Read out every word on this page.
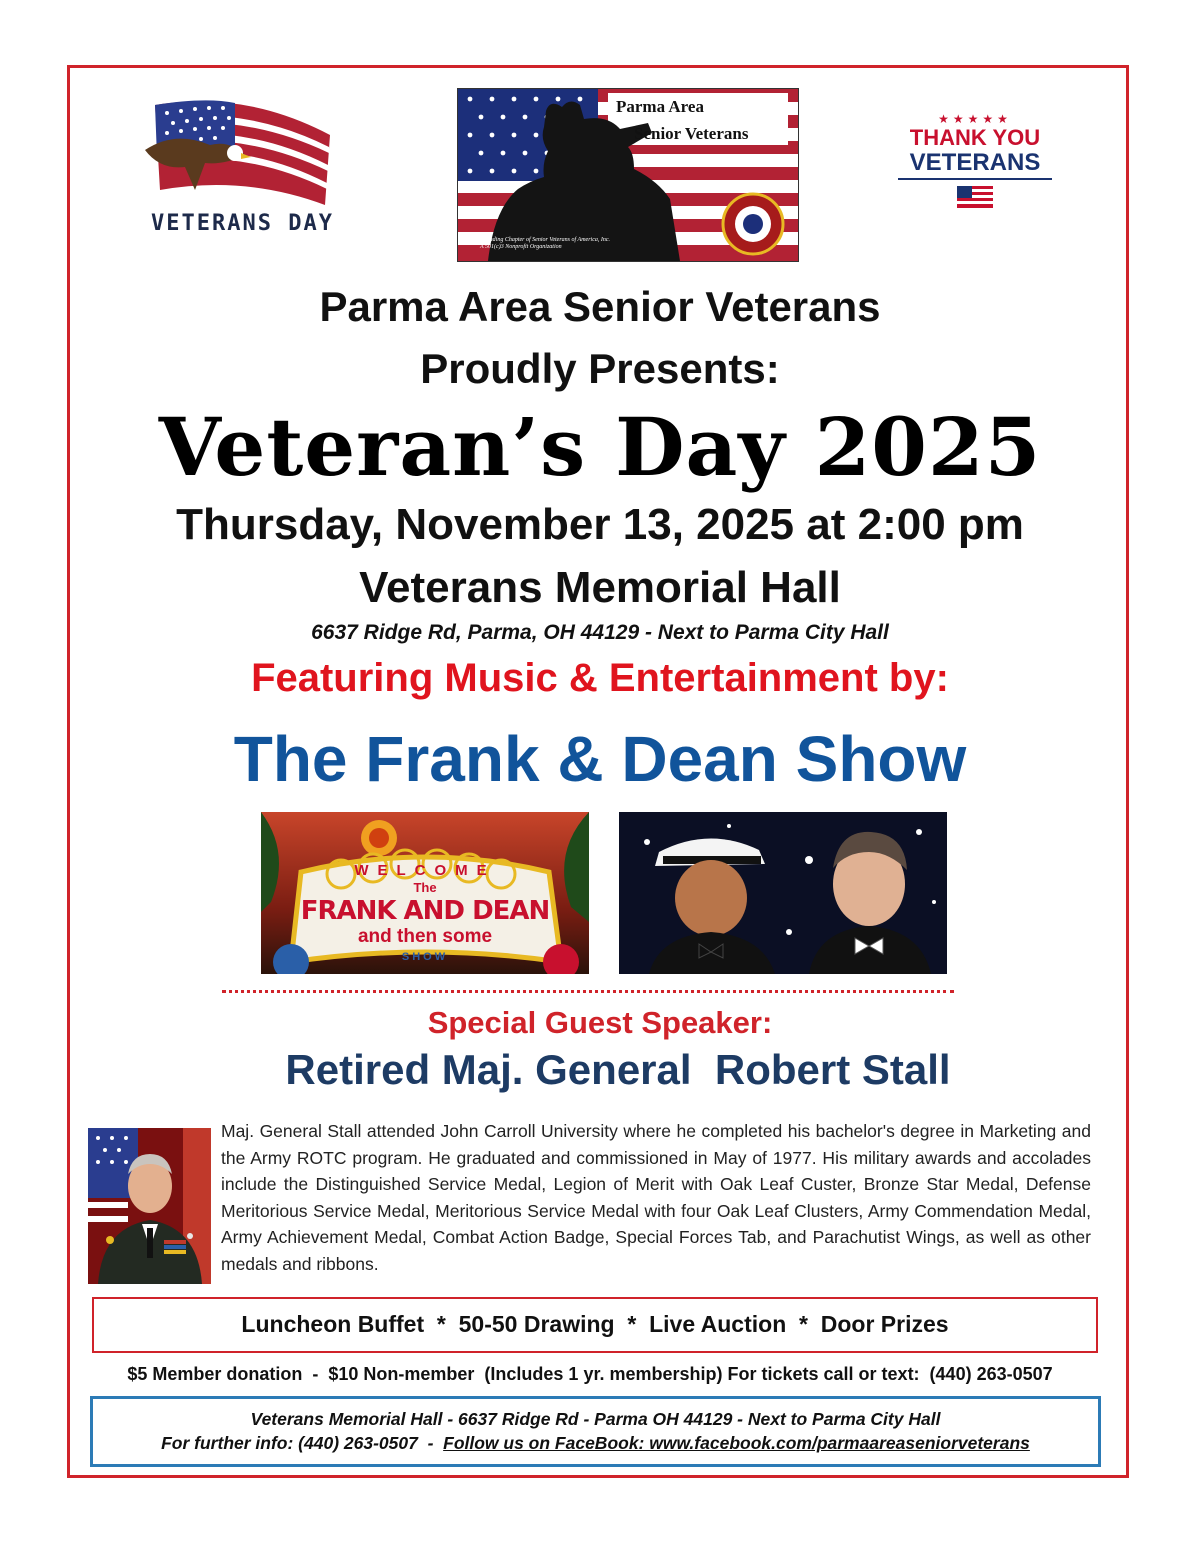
VETERANS DAY
Parma Area
Senior Veterans
Founding Chapter of Senior Veterans of America, Inc.
A 501(c)3 Nonprofit Organization
★★★★★
THANK YOU
VETERANS
Parma Area Senior Veterans
Proudly Presents:
Veteran’s Day 2025
Thursday, November 13, 2025 at 2:00 pm
Veterans Memorial Hall
6637 Ridge Rd, Parma, OH 44129 - Next to Parma City Hall
Featuring Music & Entertainment by:
The Frank & Dean Show
WELCOME
The
FRANK AND DEAN
and then some
SHOW
Special Guest Speaker:
Retired Maj. General  Robert Stall
Maj. General Stall attended John Carroll University where he completed his bachelor's degree in Marketing and the Army ROTC program. He graduated and commissioned in May of 1977. His military awards and accolades include the Distinguished Service Medal, Legion of Merit with Oak Leaf Custer, Bronze Star Medal, Defense Meritorious Service Medal, Meritorious Service Medal with four Oak Leaf Clusters, Army Commendation Medal, Army Achievement Medal, Combat Action Badge, Special Forces Tab, and Parachutist Wings, as well as other medals and ribbons.
Luncheon Buffet  *  50-50 Drawing  *  Live Auction  *  Door Prizes
$5 Member donation  -  $10 Non-member  (Includes 1 yr. membership) For tickets call or text:  (440) 263-0507
Veterans Memorial Hall - 6637 Ridge Rd - Parma OH 44129 - Next to Parma City Hall
For further info: (440) 263-0507  -  Follow us on FaceBook: www.facebook.com/parmaareaseniorveterans
